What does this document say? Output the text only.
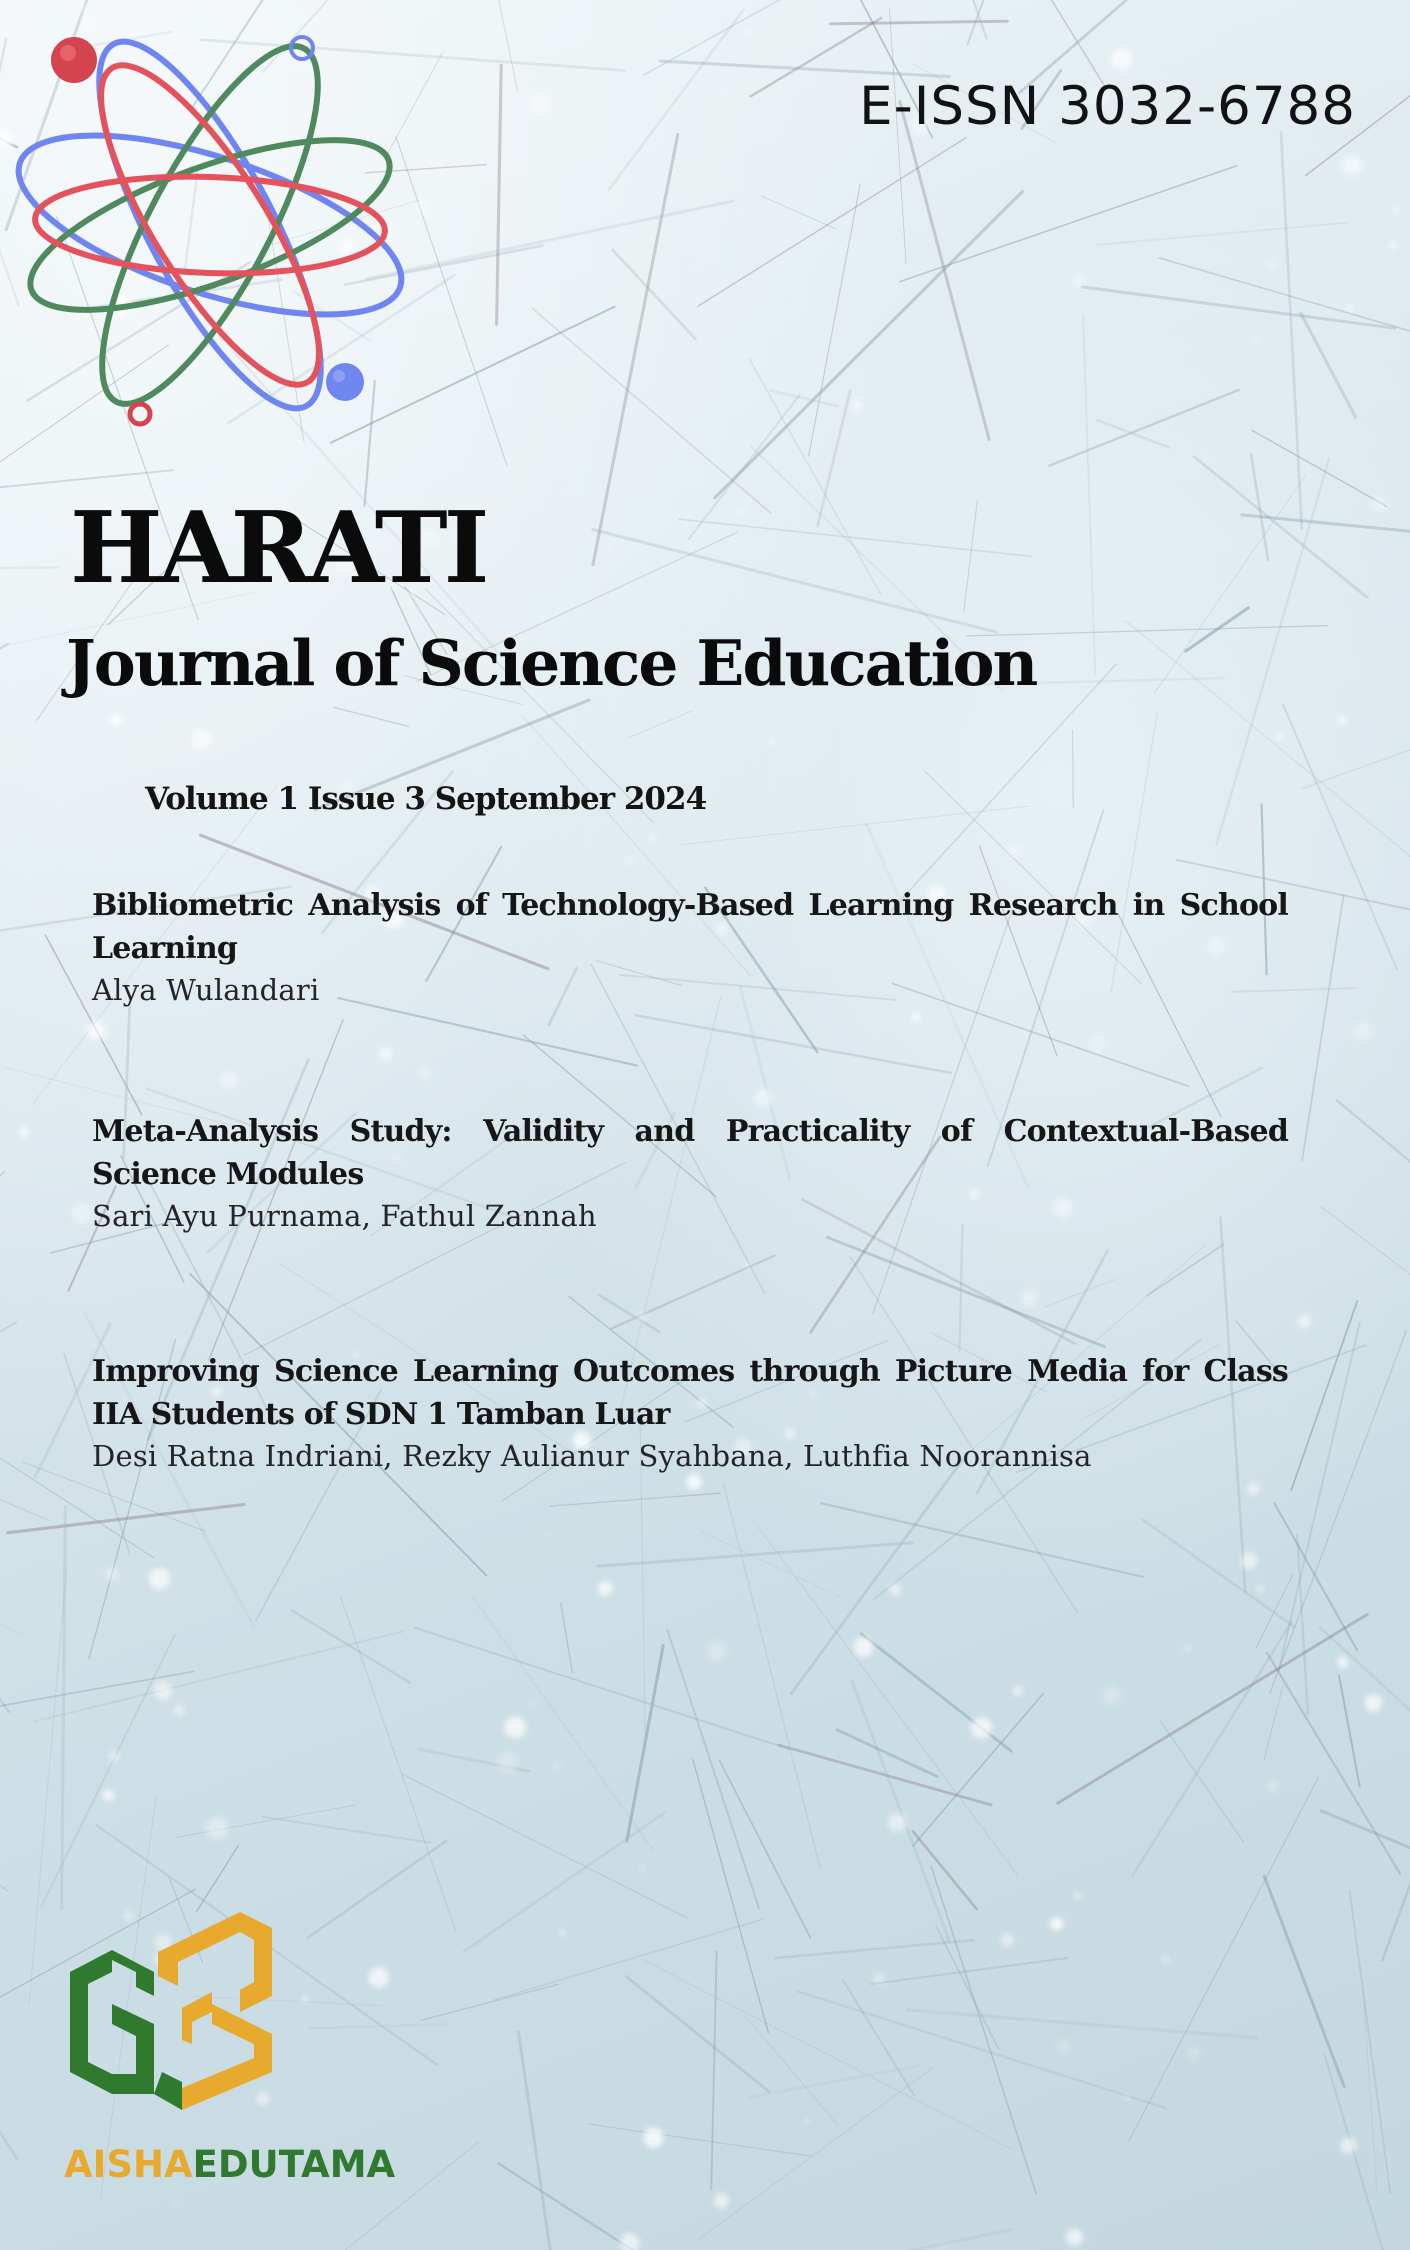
E-ISSN 3032-6788
HARATI
Journal of Science Education
Volume 1 Issue 3 September 2024
Bibliometric Analysis of Technology-Based Learning Research in School Learning
Alya Wulandari
Meta-Analysis Study: Validity and Practicality of Contextual-Based Science Modules
Sari Ayu Purnama, Fathul Zannah
Improving Science Learning Outcomes through Picture Media for Class IIA Students of SDN 1 Tamban Luar
Desi Ratna Indriani, Rezky Aulianur Syahbana, Luthfia Noorannisa
AISHAEDUTAMA
